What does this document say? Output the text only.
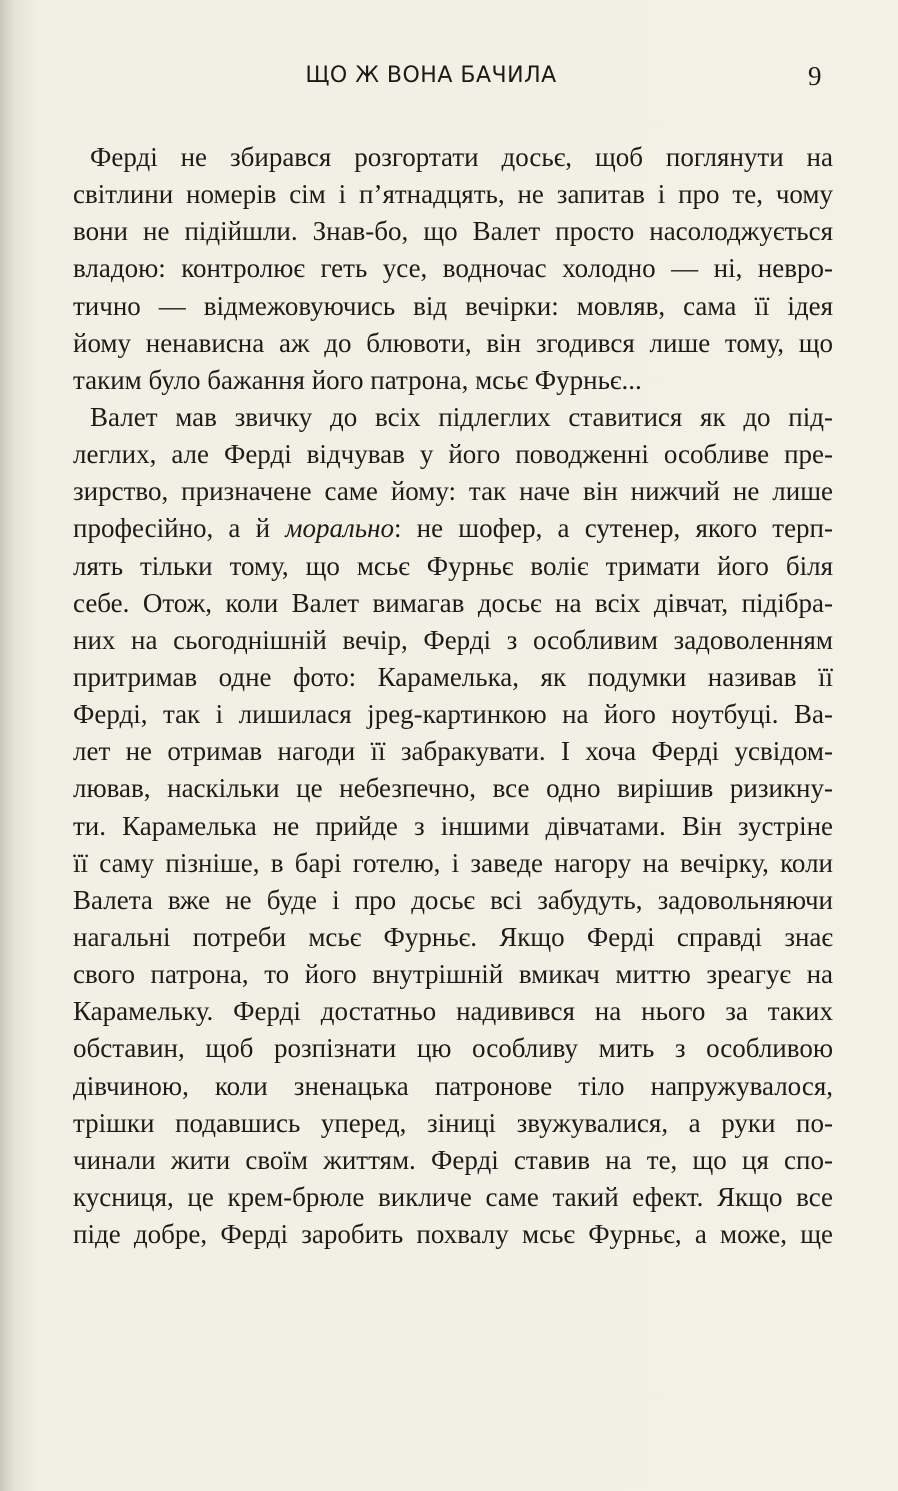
ЩО Ж ВОНА БАЧИЛА	9
Ферді не збирався розгортати досьє, щоб поглянути на
світлини номерів сім і п’ятнадцять, не запитав і про те, чому
вони не підійшли. Знав-бо, що Валет просто насолоджується
владою: контролює геть усе, водночас холодно — ні, невро-
тично — відмежовуючись від вечірки: мовляв, сама її ідея
йому ненависна аж до блювоти, він згодився лише тому, що
таким було бажання його патрона, мсьє Фурньє...
Валет мав звичку до всіх підлеглих ставитися як до під-
леглих, але Ферді відчував у його поводженні особливе пре-
зирство, призначене саме йому: так наче він нижчий не лише
професійно, а й морально: не шофер, а сутенер, якого терп-
лять тільки тому, що мсьє Фурньє воліє тримати його біля
себе. Отож, коли Валет вимагав досьє на всіх дівчат, підібра-
них на сьогоднішній вечір, Ферді з особливим задоволенням
притримав одне фото: Карамелька, як подумки називав її
Ферді, так і лишилася jpeg-картинкою на його ноутбуці. Ва-
лет не отримав нагоди її забракувати. І хоча Ферді усвідом-
лював, наскільки це небезпечно, все одно вирішив ризикну-
ти. Карамелька не прийде з іншими дівчатами. Він зустріне
її саму пізніше, в барі готелю, і заведе нагору на вечірку, коли
Валета вже не буде і про досьє всі забудуть, задовольняючи
нагальні потреби мсьє Фурньє. Якщо Ферді справді знає
свого патрона, то його внутрішній вмикач миттю зреагує на
Карамельку. Ферді достатньо надивився на нього за таких
обставин, щоб розпізнати цю особливу мить з особливою
дівчиною, коли зненацька патронове тіло напружувалося,
трішки подавшись уперед, зіниці звужувалися, а руки по-
чинали жити своїм життям. Ферді ставив на те, що ця спо-
кусниця, це крем-брюле викличе саме такий ефект. Якщо все
піде добре, Ферді заробить похвалу мсьє Фурньє, а може, ще
